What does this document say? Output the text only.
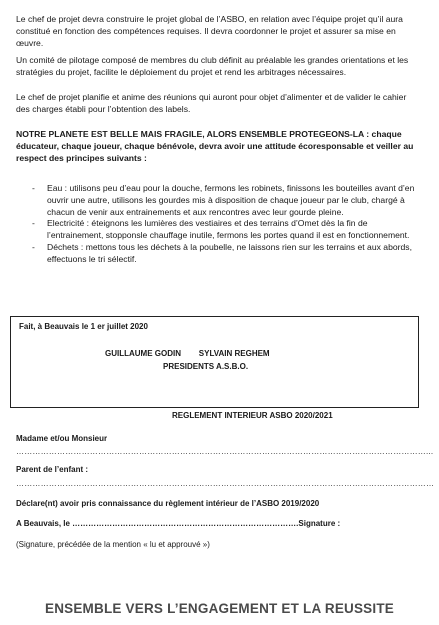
Le chef de projet devra construire le projet global de l’ASBO, en relation avec l’équipe projet qu’il aura constitué en fonction des compétences requises. Il devra coordonner le projet et assurer sa mise en œuvre.

Un comité de pilotage composé de membres du club définit au préalable les grandes orientations et les stratégies du projet, facilite le déploiement du projet et rend les arbitrages nécessaires.

Le chef de projet planifie et anime des réunions qui auront pour objet d’alimenter et de valider le cahier des charges établi pour l’obtention des labels.

NOTRE PLANETE EST BELLE MAIS FRAGILE, ALORS ENSEMBLE PROTEGEONS-LA : chaque éducateur, chaque joueur, chaque bénévole, devra avoir une attitude écoresponsable et veiller au respect des principes suivants :

- Eau : utilisons peu d’eau pour la douche, fermons les robinets, finissons les bouteilles avant d’en ouvrir une autre, utilisons les gourdes mis à disposition de chaque joueur par le club, chargé à chacun de venir aux entrainements et aux rencontres avec leur gourde pleine.
- Electricité : éteignons les lumières des vestiaires et des terrains d’Omet dès la fin de l’entrainement, stopponsle chauffage inutile, fermons les portes quand il est en fonctionnement.
- Déchets : mettons tous les déchets à la poubelle, ne laissons rien sur les terrains et aux abords, effectuons le tri sélectif.
Fait, à Beauvais le 1 er juillet 2020
GUILLAUME GODIN        SYLVAIN REGHEM
PRESIDENTS A.S.B.O.
REGLEMENT INTERIEUR ASBO 2020/2021
Madame et/ou Monsieur
……………………………………………………………………………………………………………………………………...
Parent de l’enfant :
………………………………………………………………………………………………………………………………………
Déclare(nt) avoir pris connaissance du règlement intérieur de l’ASBO 2019/2020
A Beauvais, le ………………………………………………………………………….Signature :
(Signature, précédée de la mention « lu et approuvé »)
ENSEMBLE VERS L’ENGAGEMENT ET LA REUSSITE
